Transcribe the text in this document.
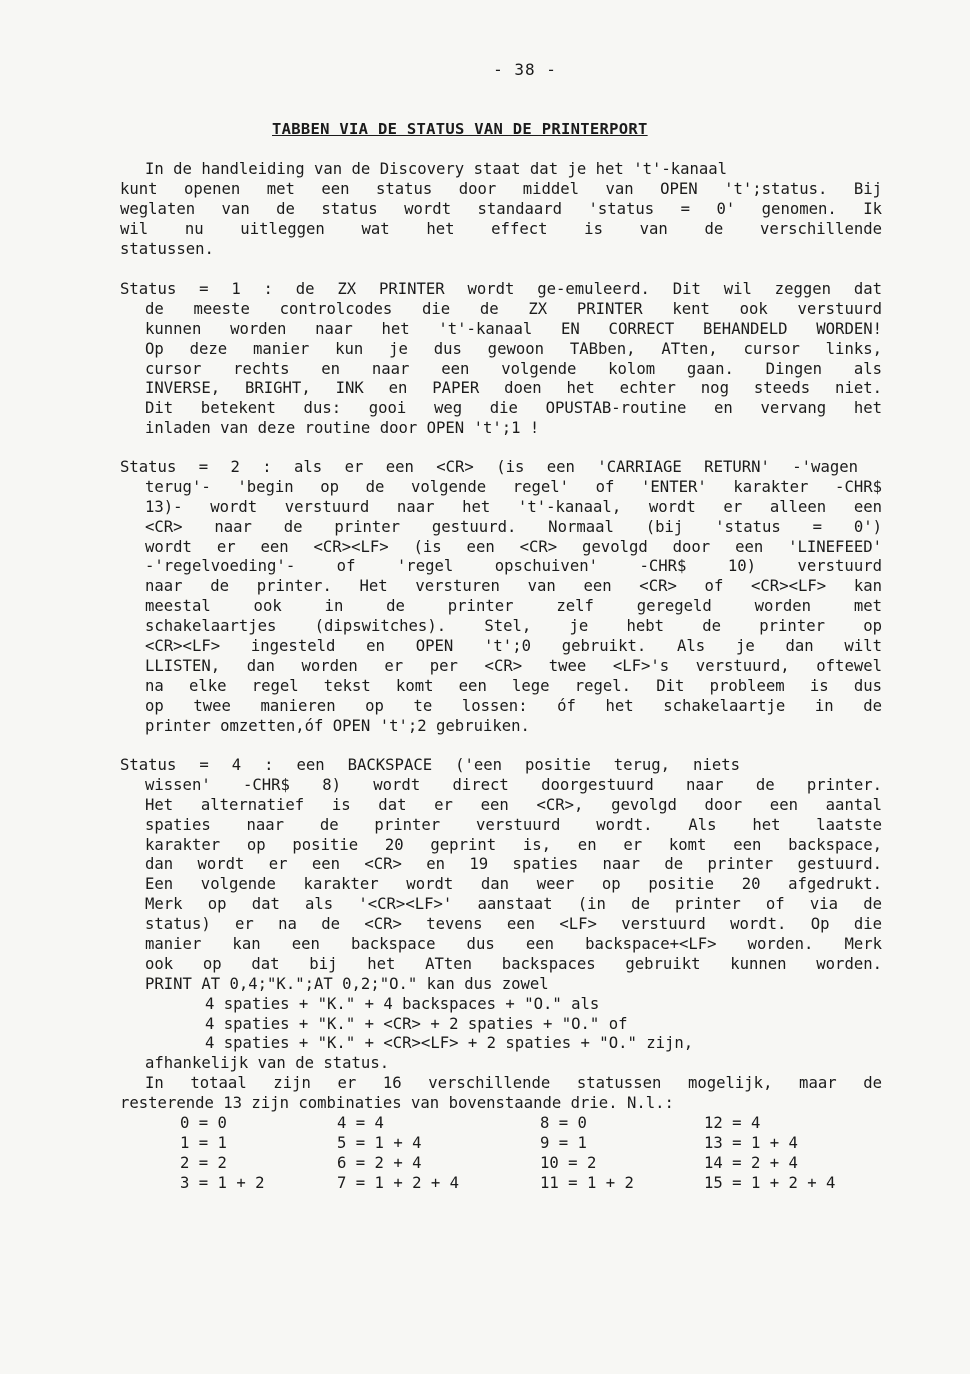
- 38 -
TABBEN VIA DE STATUS VAN DE PRINTERPORT
In de handleiding van de Discovery staat dat je het 't'-kanaal
kunt openen met een status door middel van OPEN 't';status. Bij
weglaten van de status wordt standaard 'status = 0' genomen. Ik
wil nu uitleggen wat het effect is van de verschillende
statussen.
Status = 1 : de ZX PRINTER wordt ge-emuleerd. Dit wil zeggen dat
de meeste controlcodes die de ZX PRINTER kent ook verstuurd
kunnen worden naar het 't'-kanaal EN CORRECT BEHANDELD WORDEN!
Op deze manier kun je dus gewoon TABben, ATten, cursor links,
cursor rechts en naar een volgende kolom gaan. Dingen als
INVERSE, BRIGHT, INK en PAPER doen het echter nog steeds niet.
Dit betekent dus: gooi weg die OPUSTAB-routine en vervang het
inladen van deze routine door OPEN 't';1 !
Status = 2 : als er een <CR> (is een 'CARRIAGE RETURN' -'wagen
terug'- 'begin op de volgende regel' of 'ENTER' karakter -CHR$
13)- wordt verstuurd naar het 't'-kanaal, wordt er alleen een
<CR> naar de printer gestuurd. Normaal (bij 'status = 0')
wordt er een <CR><LF> (is een <CR> gevolgd door een 'LINEFEED'
-'regelvoeding'- of 'regel opschuiven' -CHR$ 10) verstuurd
naar de printer. Het versturen van een <CR> of <CR><LF> kan
meestal ook in de printer zelf geregeld worden met
schakelaartjes (dipswitches). Stel, je hebt de printer op
<CR><LF> ingesteld en OPEN 't';0 gebruikt. Als je dan wilt
LLISTEN, dan worden er per <CR> twee <LF>'s verstuurd, oftewel
na elke regel tekst komt een lege regel. Dit probleem is dus
op twee manieren op te lossen: óf het schakelaartje in de
printer omzetten,óf OPEN 't';2 gebruiken.
Status = 4 : een BACKSPACE ('een positie terug, niets
wissen' -CHR$ 8) wordt direct doorgestuurd naar de printer.
Het alternatief is dat er een <CR>, gevolgd door een aantal
spaties naar de printer verstuurd wordt. Als het laatste
karakter op positie 20 geprint is, en er komt een backspace,
dan wordt er een <CR> en 19 spaties naar de printer gestuurd.
Een volgende karakter wordt dan weer op positie 20 afgedrukt.
Merk op dat als '<CR><LF>' aanstaat (in de printer of via de
status) er na de <CR> tevens een <LF> verstuurd wordt. Op die
manier kan een backspace dus een backspace+<LF> worden. Merk
ook op dat bij het ATten backspaces gebruikt kunnen worden.
PRINT AT 0,4;"K.";AT 0,2;"O." kan dus zowel
4 spaties + "K." + 4 backspaces + "O." als
4 spaties + "K." + <CR> + 2 spaties + "O." of
4 spaties + "K." + <CR><LF> + 2 spaties + "O." zijn,
afhankelijk van de status.
In totaal zijn er 16 verschillende statussen mogelijk, maar de
resterende 13 zijn combinaties van bovenstaande drie. N.l.:
0 = 0	4 = 4	8 = 0	12 = 4
1 = 1	5 = 1 + 4	9 = 1	13 = 1 + 4
2 = 2	6 = 2 + 4	10 = 2	14 = 2 + 4
3 = 1 + 2	7 = 1 + 2 + 4	11 = 1 + 2	15 = 1 + 2 + 4
